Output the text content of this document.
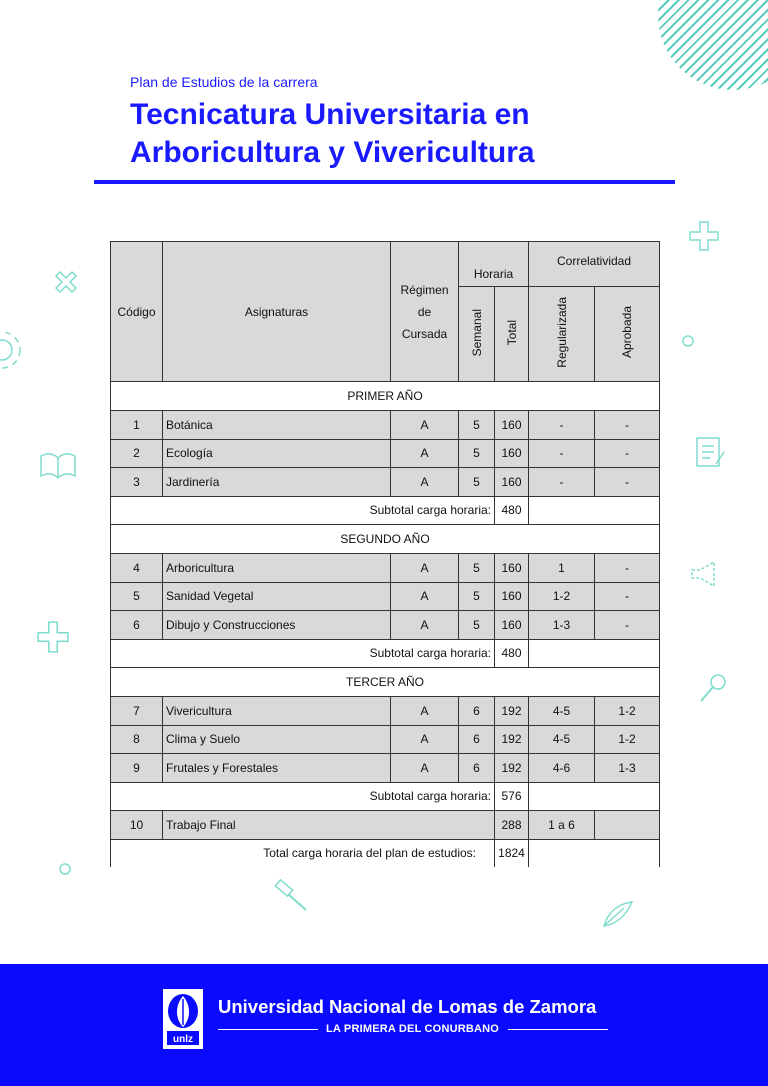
Plan de Estudios de la carrera
Tecnicatura Universitaria en
Arboricultura y Vivericultura
Código	Asignaturas	Régimen de Cursada	Horaria		Correlatividad	
			Semanal	Total	Regularizada	Aprobada
PRIMER AÑO						
1	Botánica	A	5	160	-	-
2	Ecología	A	5	160	-	-
3	Jardinería	A	5	160	-	-
Subtotal carga horaria:				480		
SEGUNDO AÑO						
4	Arboricultura	A	5	160	1	-
5	Sanidad Vegetal	A	5	160	1-2	-
6	Dibujo y Construcciones	A	5	160	1-3	-
Subtotal carga horaria:				480		
TERCER AÑO						
7	Vivericultura	A	6	192	4-5	1-2
8	Clima y Suelo	A	6	192	4-5	1-2
9	Frutales y Forestales	A	6	192	4-6	1-3
Subtotal carga horaria:				576		
10	Trabajo Final			288	1 a 6	
Total carga horaria del plan de estudios:				1824		
unlz
Universidad Nacional de Lomas de Zamora
LA PRIMERA DEL CONURBANO
